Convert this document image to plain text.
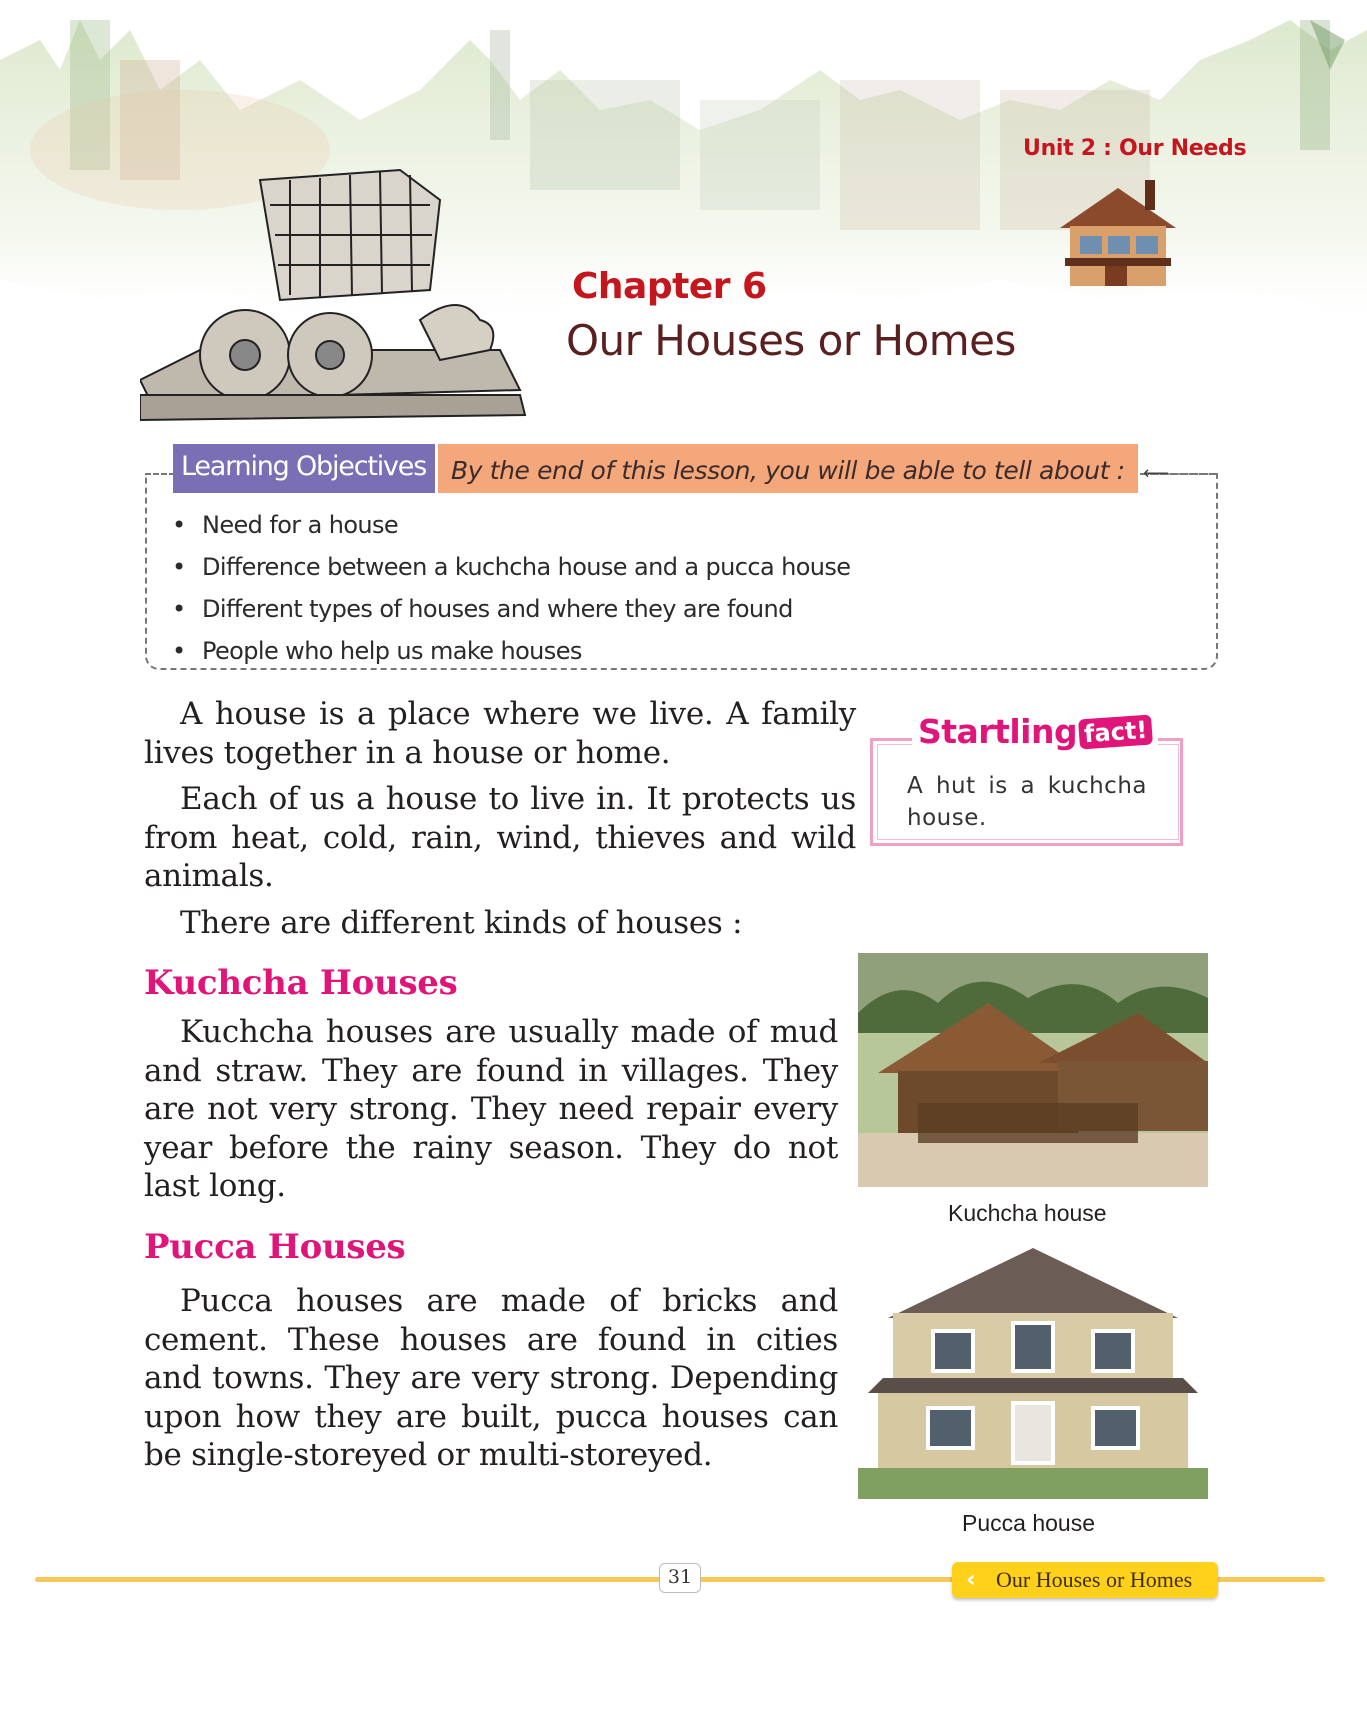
Unit 2 : Our Needs
Chapter 6
Our Houses or Homes
Learning Objectives By the end of this lesson, you will be able to tell about :	⟵
• Need for a house
• Difference between a kuchcha house and a pucca house
• Different types of houses and where they are found
• People who help us make houses

A house is a place where we live. A family lives together in a house or home.

Each of us a house to live in. It protects us from heat, cold, rain, wind, thieves and wild animals.

There are different kinds of houses :

Startling fact!
A hut is a kuchcha house.
Kuchcha Houses

Kuchcha houses are usually made of mud and straw. They are found in villages. They are not very strong. They need repair every year before the rainy season. They do not last long.

Pucca Houses

Pucca houses are made of bricks and cement. These houses are found in cities and towns. They are very strong. Depending upon how they are built, pucca houses can be single-storeyed or multi-storeyed.

Kuchcha house
Pucca house
31	Our Houses or Homes
‹
